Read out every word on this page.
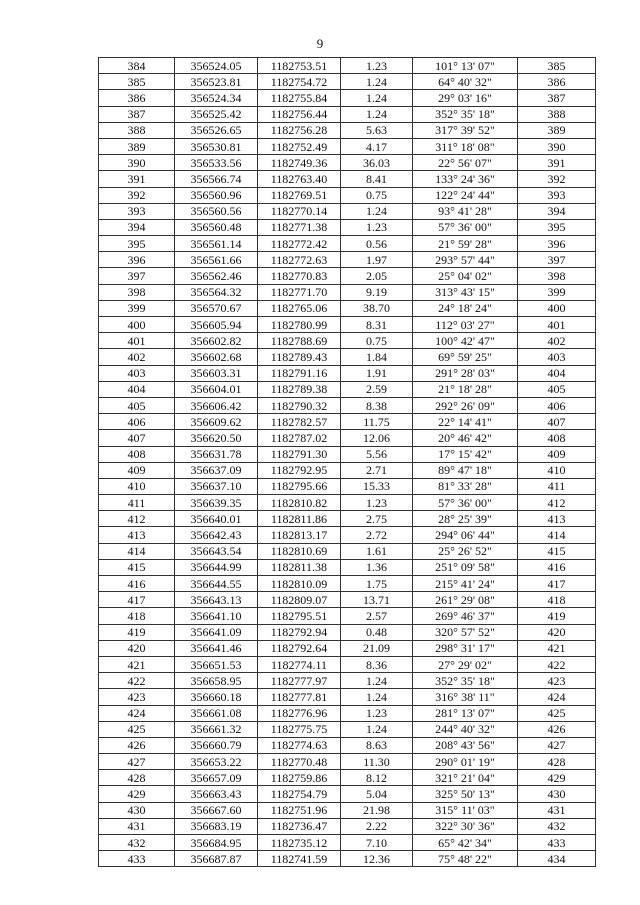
9
384	356524.05	1182753.51	1.23	101° 13' 07"	385
385	356523.81	1182754.72	1.24	64° 40' 32"	386
386	356524.34	1182755.84	1.24	29° 03' 16"	387
387	356525.42	1182756.44	1.24	352° 35' 18"	388
388	356526.65	1182756.28	5.63	317° 39' 52"	389
389	356530.81	1182752.49	4.17	311° 18' 08"	390
390	356533.56	1182749.36	36.03	22° 56' 07"	391
391	356566.74	1182763.40	8.41	133° 24' 36"	392
392	356560.96	1182769.51	0.75	122° 24' 44"	393
393	356560.56	1182770.14	1.24	93° 41' 28"	394
394	356560.48	1182771.38	1.23	57° 36' 00"	395
395	356561.14	1182772.42	0.56	21° 59' 28"	396
396	356561.66	1182772.63	1.97	293° 57' 44"	397
397	356562.46	1182770.83	2.05	25° 04' 02"	398
398	356564.32	1182771.70	9.19	313° 43' 15"	399
399	356570.67	1182765.06	38.70	24° 18' 24"	400
400	356605.94	1182780.99	8.31	112° 03' 27"	401
401	356602.82	1182788.69	0.75	100° 42' 47"	402
402	356602.68	1182789.43	1.84	69° 59' 25"	403
403	356603.31	1182791.16	1.91	291° 28' 03"	404
404	356604.01	1182789.38	2.59	21° 18' 28"	405
405	356606.42	1182790.32	8.38	292° 26' 09"	406
406	356609.62	1182782.57	11.75	22° 14' 41"	407
407	356620.50	1182787.02	12.06	20° 46' 42"	408
408	356631.78	1182791.30	5.56	17° 15' 42"	409
409	356637.09	1182792.95	2.71	89° 47' 18"	410
410	356637.10	1182795.66	15.33	81° 33' 28"	411
411	356639.35	1182810.82	1.23	57° 36' 00"	412
412	356640.01	1182811.86	2.75	28° 25' 39"	413
413	356642.43	1182813.17	2.72	294° 06' 44"	414
414	356643.54	1182810.69	1.61	25° 26' 52"	415
415	356644.99	1182811.38	1.36	251° 09' 58"	416
416	356644.55	1182810.09	1.75	215° 41' 24"	417
417	356643.13	1182809.07	13.71	261° 29' 08"	418
418	356641.10	1182795.51	2.57	269° 46' 37"	419
419	356641.09	1182792.94	0.48	320° 57' 52"	420
420	356641.46	1182792.64	21.09	298° 31' 17"	421
421	356651.53	1182774.11	8.36	27° 29' 02"	422
422	356658.95	1182777.97	1.24	352° 35' 18"	423
423	356660.18	1182777.81	1.24	316° 38' 11"	424
424	356661.08	1182776.96	1.23	281° 13' 07"	425
425	356661.32	1182775.75	1.24	244° 40' 32"	426
426	356660.79	1182774.63	8.63	208° 43' 56"	427
427	356653.22	1182770.48	11.30	290° 01' 19"	428
428	356657.09	1182759.86	8.12	321° 21' 04"	429
429	356663.43	1182754.79	5.04	325° 50' 13"	430
430	356667.60	1182751.96	21.98	315° 11' 03"	431
431	356683.19	1182736.47	2.22	322° 30' 36"	432
432	356684.95	1182735.12	7.10	65° 42' 34"	433
433	356687.87	1182741.59	12.36	75° 48' 22"	434
